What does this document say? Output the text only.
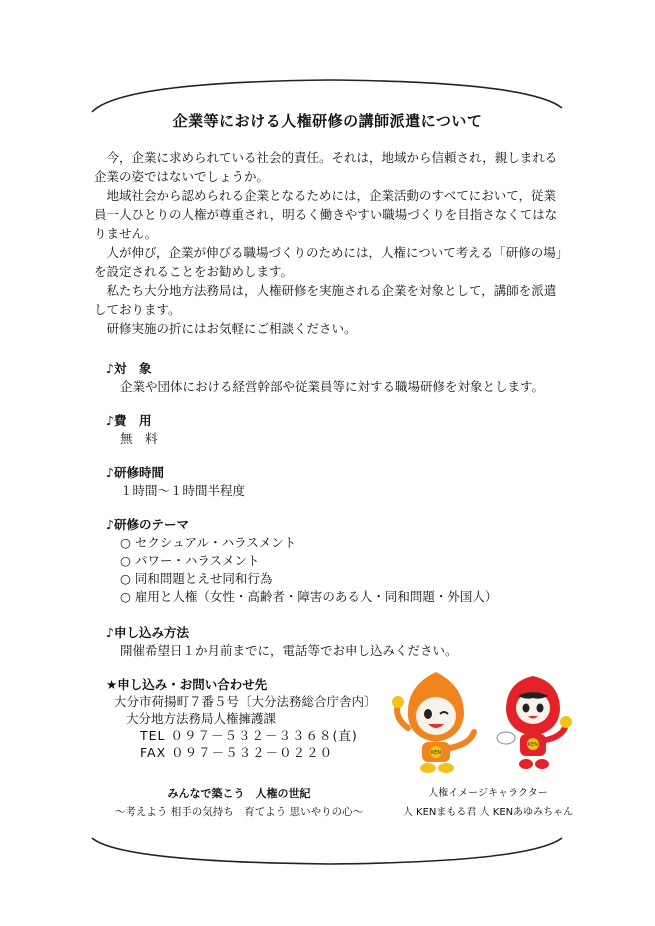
企業等における人権研修の講師派遣について

今，企業に求められている社会的責任。それは，地域から信頼され，親しまれる企業の姿ではないでしょうか。

地域社会から認められる企業となるためには，企業活動のすべてにおいて，従業員一人ひとりの人権が尊重され，明るく働きやすい職場づくりを目指さなくてはなりません。

人が伸び，企業が伸びる職場づくりのためには，人権について考える「研修の場」を設定されることをお勧めします。

私たち大分地方法務局は，人権研修を実施される企業を対象として，講師を派遣しております。

研修実施の折にはお気軽にご相談ください。

♪対　象
企業や団体における経営幹部や従業員等に対する職場研修を対象とします。
♪費　用
無　料
♪研修時間
１時間～１時間半程度
♪研修のテーマ
○ セクシュアル・ハラスメント
○ パワー・ハラスメント
○ 同和問題とえせ同和行為
○ 雇用と人権（女性・高齢者・障害のある人・同和問題・外国人）
♪申し込み方法
開催希望日１か月前までに，電話等でお申し込みください。
★申し込み・お問い合わせ先
大分市荷揚町７番５号〔大分法務総合庁舎内〕
大分地方法務局人権擁護課
TEL ０９７－５３２－３３６８(直)
FAX ０９７－５３２－０２２０
みんなで築こう　人権の世紀
～考えよう 相手の気持ち　育てよう 思いやりの心～
KEN
KEN
人権イメージキャラクター
人 KENまもる君 人 KENあゆみちゃん
